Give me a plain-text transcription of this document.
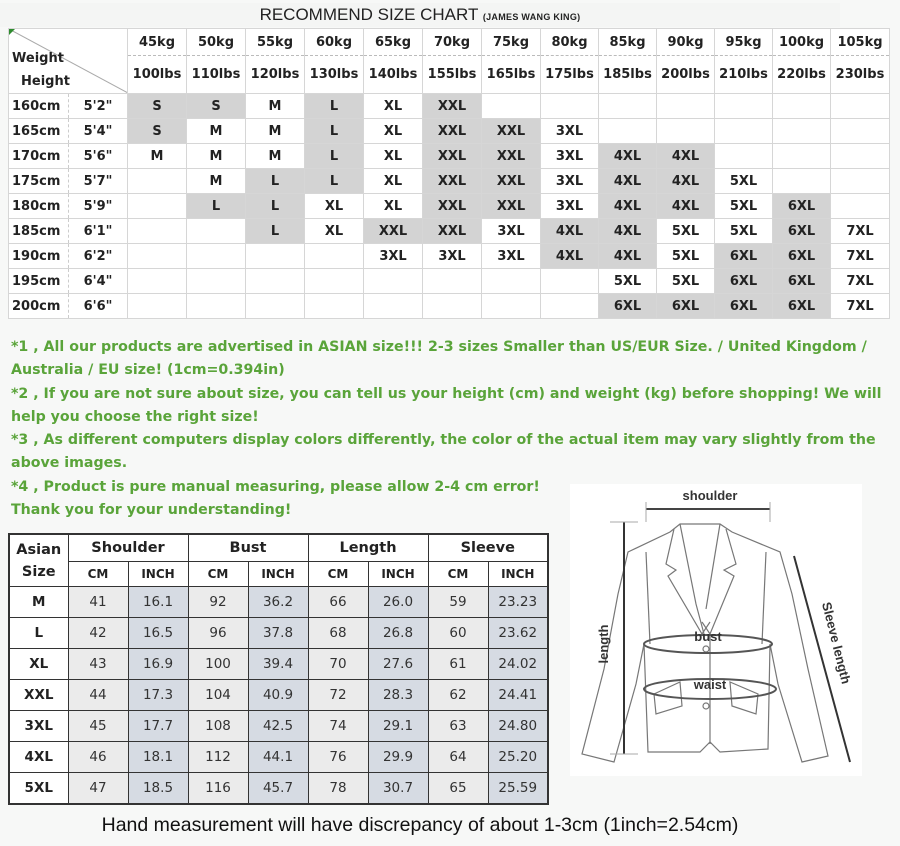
RECOMMEND SIZE CHART (JAMES WANG KING)
Weight
Height		45kg	50kg	55kg	60kg	65kg	70kg	75kg	80kg	85kg	90kg	95kg	100kg	105kg
		100lbs	110lbs	120lbs	130lbs	140lbs	155lbs	165lbs	175lbs	185lbs	200lbs	210lbs	220lbs	230lbs
160cm	5'2"	S	S	M	L	XL	XXL							
165cm	5'4"	S	M	M	L	XL	XXL	XXL	3XL					
170cm	5'6"	M	M	M	L	XL	XXL	XXL	3XL	4XL	4XL			
175cm	5'7"		M	L	L	XL	XXL	XXL	3XL	4XL	4XL	5XL		
180cm	5'9"		L	L	XL	XL	XXL	XXL	3XL	4XL	4XL	5XL	6XL	
185cm	6'1"			L	XL	XXL	XXL	3XL	4XL	4XL	5XL	5XL	6XL	7XL
190cm	6'2"					3XL	3XL	3XL	4XL	4XL	5XL	6XL	6XL	7XL
195cm	6'4"									5XL	5XL	6XL	6XL	7XL
200cm	6'6"									6XL	6XL	6XL	6XL	7XL

*1 , All our products are advertised in ASIAN size!!! 2-3 sizes Smaller than US/EUR Size. / United Kingdom / Australia / EU size! (1cm=0.394in)

*2 , If you are not sure about size, you can tell us your height (cm) and weight (kg) before shopping! We will help you choose the right size!

*3 , As different computers display colors differently, the color of the actual item may vary slightly from the above images.

*4 , Product is pure manual measuring, please allow 2-4 cm error!

Thank you for your understanding!

Asian
Size	Shoulder		Bust		Length		Sleeve	
	CM	INCH	CM	INCH	CM	INCH	CM	INCH
M	41	16.1	92	36.2	66	26.0	59	23.23
L	42	16.5	96	37.8	68	26.8	60	23.62
XL	43	16.9	100	39.4	70	27.6	61	24.02
XXL	44	17.3	104	40.9	72	28.3	62	24.41
3XL	45	17.7	108	42.5	74	29.1	63	24.80
4XL	46	18.1	112	44.1	76	29.9	64	25.20
5XL	47	18.5	116	45.7	78	30.7	65	25.59
shoulder
length	bust
waist	Sleeve length
Hand measurement will have discrepancy of about 1-3cm (1inch=2.54cm)
